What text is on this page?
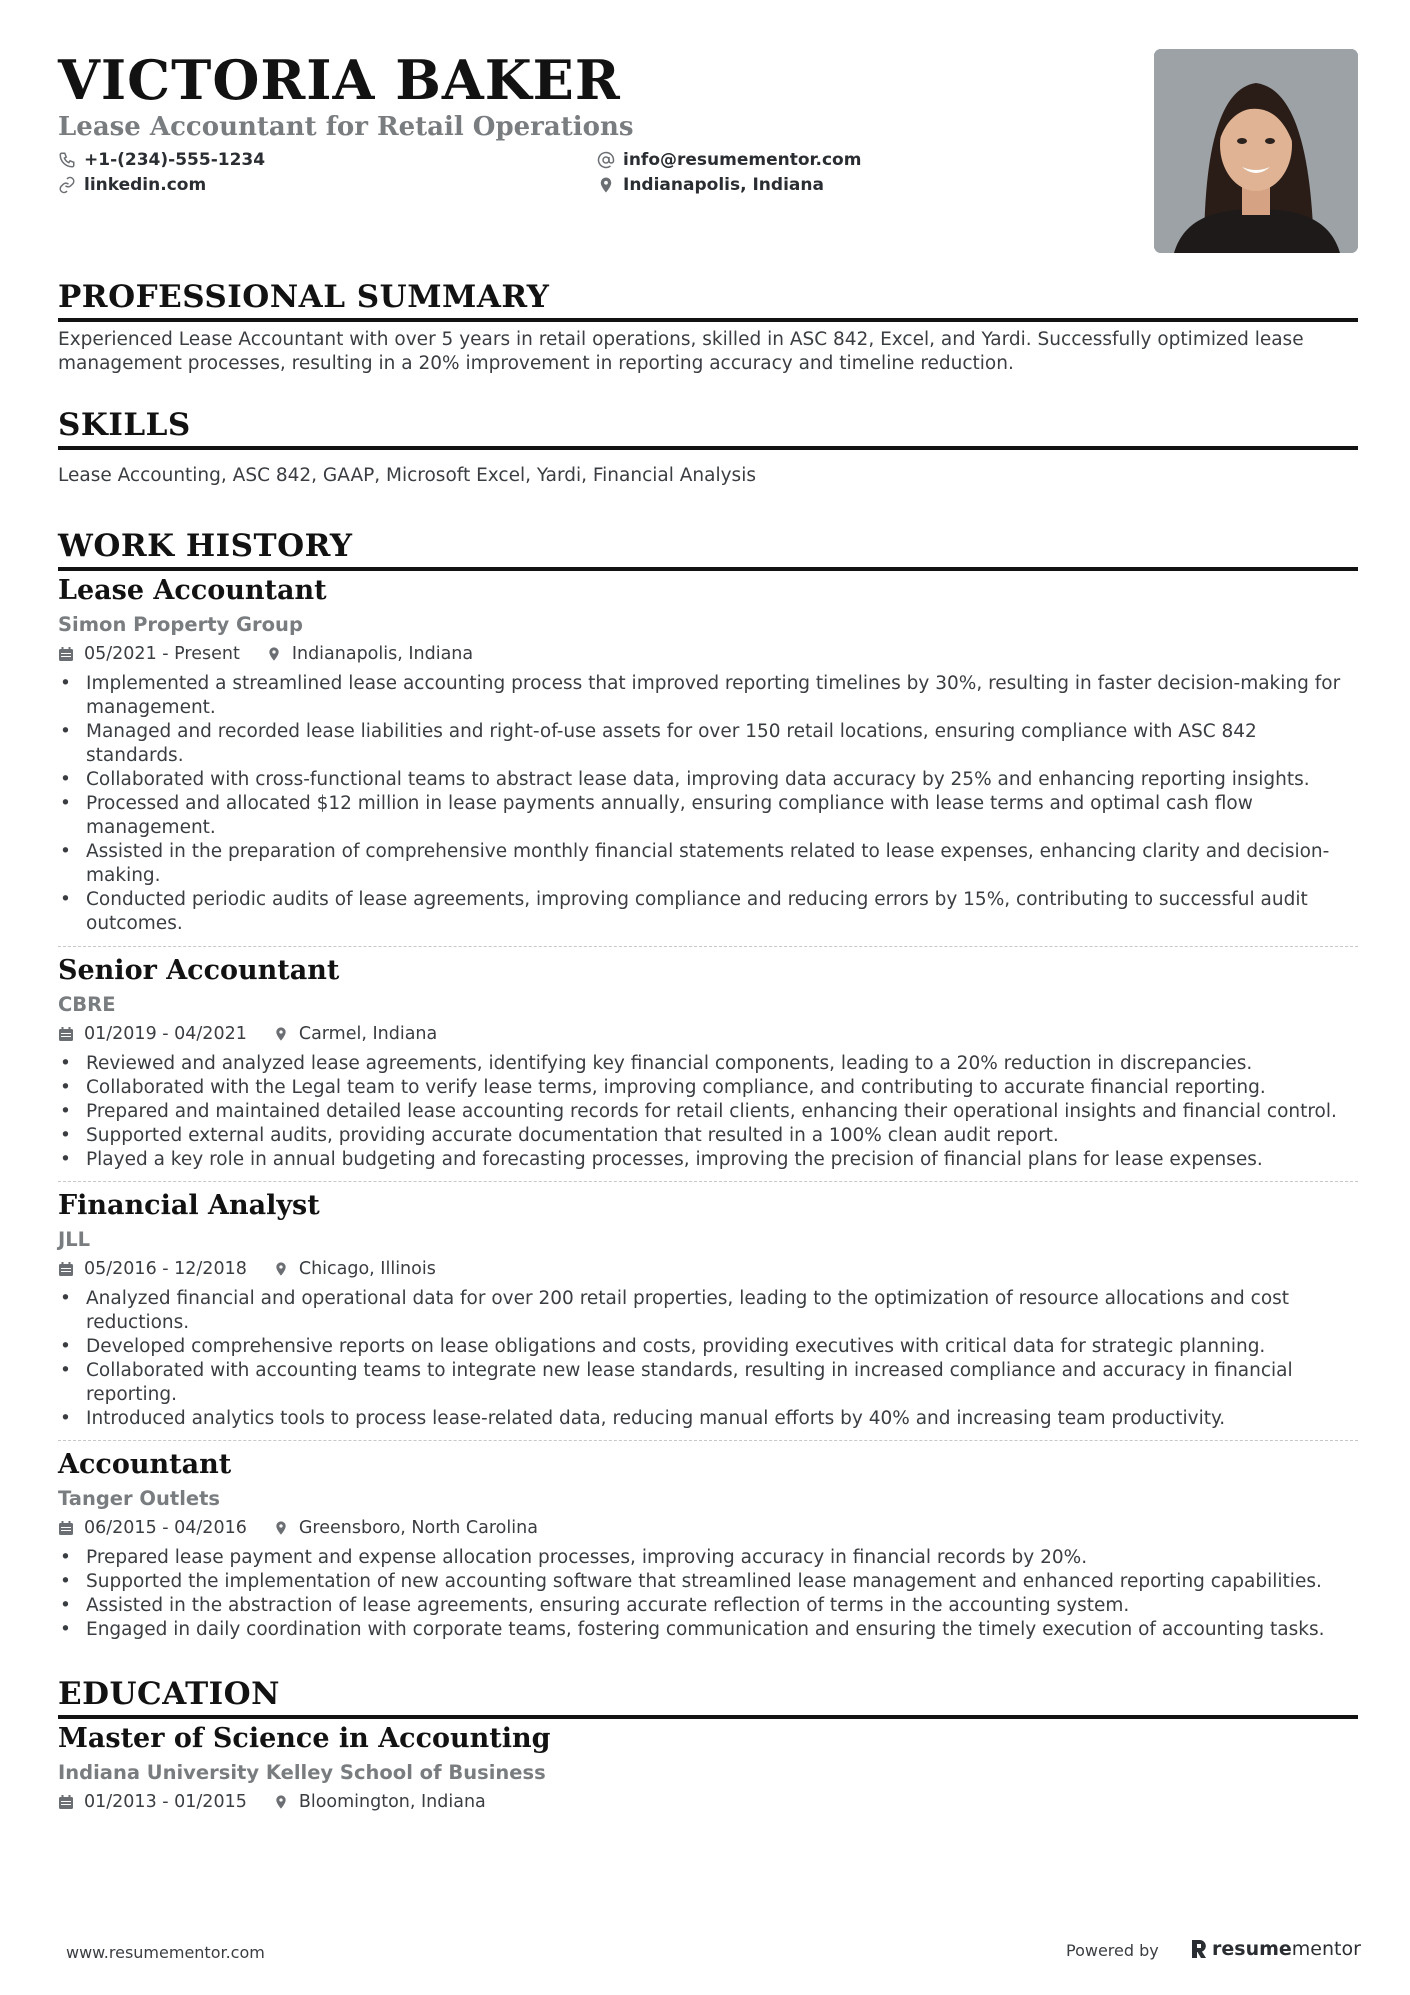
VICTORIA BAKER
Lease Accountant for Retail Operations
+1-(234)-555-1234
linkedin.com
info@resumementor.com
Indianapolis, Indiana
PROFESSIONAL SUMMARY

Experienced Lease Accountant with over 5 years in retail operations, skilled in ASC 842, Excel, and Yardi. Successfully optimized lease management processes, resulting in a 20% improvement in reporting accuracy and timeline reduction.

SKILLS

Lease Accounting, ASC 842, GAAP, Microsoft Excel, Yardi, Financial Analysis

WORK HISTORY
Lease Accountant
Simon Property Group
05/2021 - Present	Indianapolis, Indiana
• Implemented a streamlined lease accounting process that improved reporting timelines by 30%, resulting in faster decision-making for management.
• Managed and recorded lease liabilities and right-of-use assets for over 150 retail locations, ensuring compliance with ASC 842 standards.
• Collaborated with cross-functional teams to abstract lease data, improving data accuracy by 25% and enhancing reporting insights.
• Processed and allocated $12 million in lease payments annually, ensuring compliance with lease terms and optimal cash flow management.
• Assisted in the preparation of comprehensive monthly financial statements related to lease expenses, enhancing clarity and decision-making.
• Conducted periodic audits of lease agreements, improving compliance and reducing errors by 15%, contributing to successful audit outcomes.
Senior Accountant
CBRE
01/2019 - 04/2021	Carmel, Indiana
• Reviewed and analyzed lease agreements, identifying key financial components, leading to a 20% reduction in discrepancies.
• Collaborated with the Legal team to verify lease terms, improving compliance, and contributing to accurate financial reporting.
• Prepared and maintained detailed lease accounting records for retail clients, enhancing their operational insights and financial control.
• Supported external audits, providing accurate documentation that resulted in a 100% clean audit report.
• Played a key role in annual budgeting and forecasting processes, improving the precision of financial plans for lease expenses.
Financial Analyst
JLL
05/2016 - 12/2018	Chicago, Illinois
• Analyzed financial and operational data for over 200 retail properties, leading to the optimization of resource allocations and cost reductions.
• Developed comprehensive reports on lease obligations and costs, providing executives with critical data for strategic planning.
• Collaborated with accounting teams to integrate new lease standards, resulting in increased compliance and accuracy in financial reporting.
• Introduced analytics tools to process lease-related data, reducing manual efforts by 40% and increasing team productivity.
Accountant
Tanger Outlets
06/2015 - 04/2016	Greensboro, North Carolina
• Prepared lease payment and expense allocation processes, improving accuracy in financial records by 20%.
• Supported the implementation of new accounting software that streamlined lease management and enhanced reporting capabilities.
• Assisted in the abstraction of lease agreements, ensuring accurate reflection of terms in the accounting system.
• Engaged in daily coordination with corporate teams, fostering communication and ensuring the timely execution of accounting tasks.
EDUCATION
Master of Science in Accounting
Indiana University Kelley School of Business
01/2013 - 01/2015	Bloomington, Indiana
www.resumementor.com	Powered by	resume mentor
